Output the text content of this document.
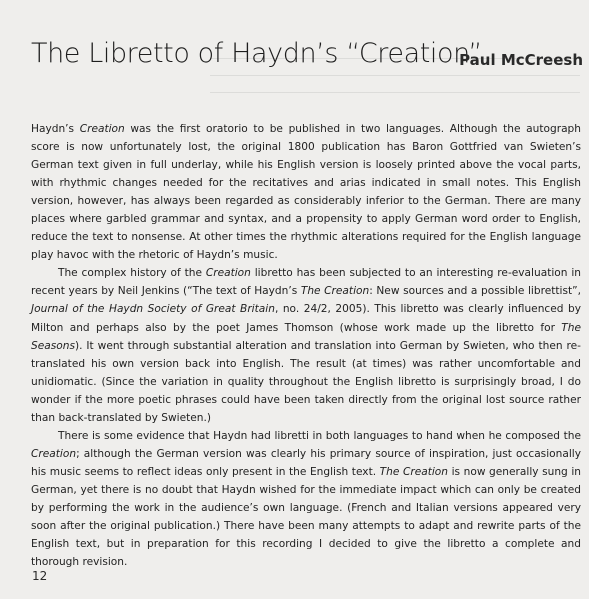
The Libretto of Haydn’s “Creation”
Paul McCreesh

Haydn’s Creation was the first oratorio to be published in two languages. Although the autograph score is now unfortunately lost, the original 1800 publication has Baron Gottfried van Swieten’s German text given in full underlay, while his English version is loosely printed above the vocal parts, with rhythmic changes needed for the recitatives and arias indicated in small notes. This English version, however, has always been regarded as considerably inferior to the German. There are many places where garbled grammar and syntax, and a propensity to apply German word order to English, reduce the text to nonsense. At other times the rhythmic alterations required for the English language play havoc with the rhetoric of Haydn’s music.

The complex history of the Creation libretto has been subjected to an interesting re-evaluation in recent years by Neil Jenkins (“The text of Haydn’s The Creation: New sources and a possible librettist”, Journal of the Haydn Society of Great Britain, no. 24/2, 2005). This libretto was clearly influenced by Milton and perhaps also by the poet James Thomson (whose work made up the libretto for The Seasons). It went through substantial alteration and translation into German by Swieten, who then re-translated his own version back into English. The result (at times) was rather uncomfortable and unidiomatic. (Since the variation in quality throughout the English libretto is surprisingly broad, I do wonder if the more poetic phrases could have been taken directly from the original lost source rather than back-translated by Swieten.)

There is some evidence that Haydn had libretti in both languages to hand when he composed the Creation; although the German version was clearly his primary source of inspiration, just occasionally his music seems to reflect ideas only present in the English text. The Creation is now generally sung in German, yet there is no doubt that Haydn wished for the immediate impact which can only be created by performing the work in the audience’s own language. (French and Italian versions appeared very soon after the original publication.) There have been many attempts to adapt and rewrite parts of the English text, but in preparation for this recording I decided to give the libretto a complete and thorough revision.

12
